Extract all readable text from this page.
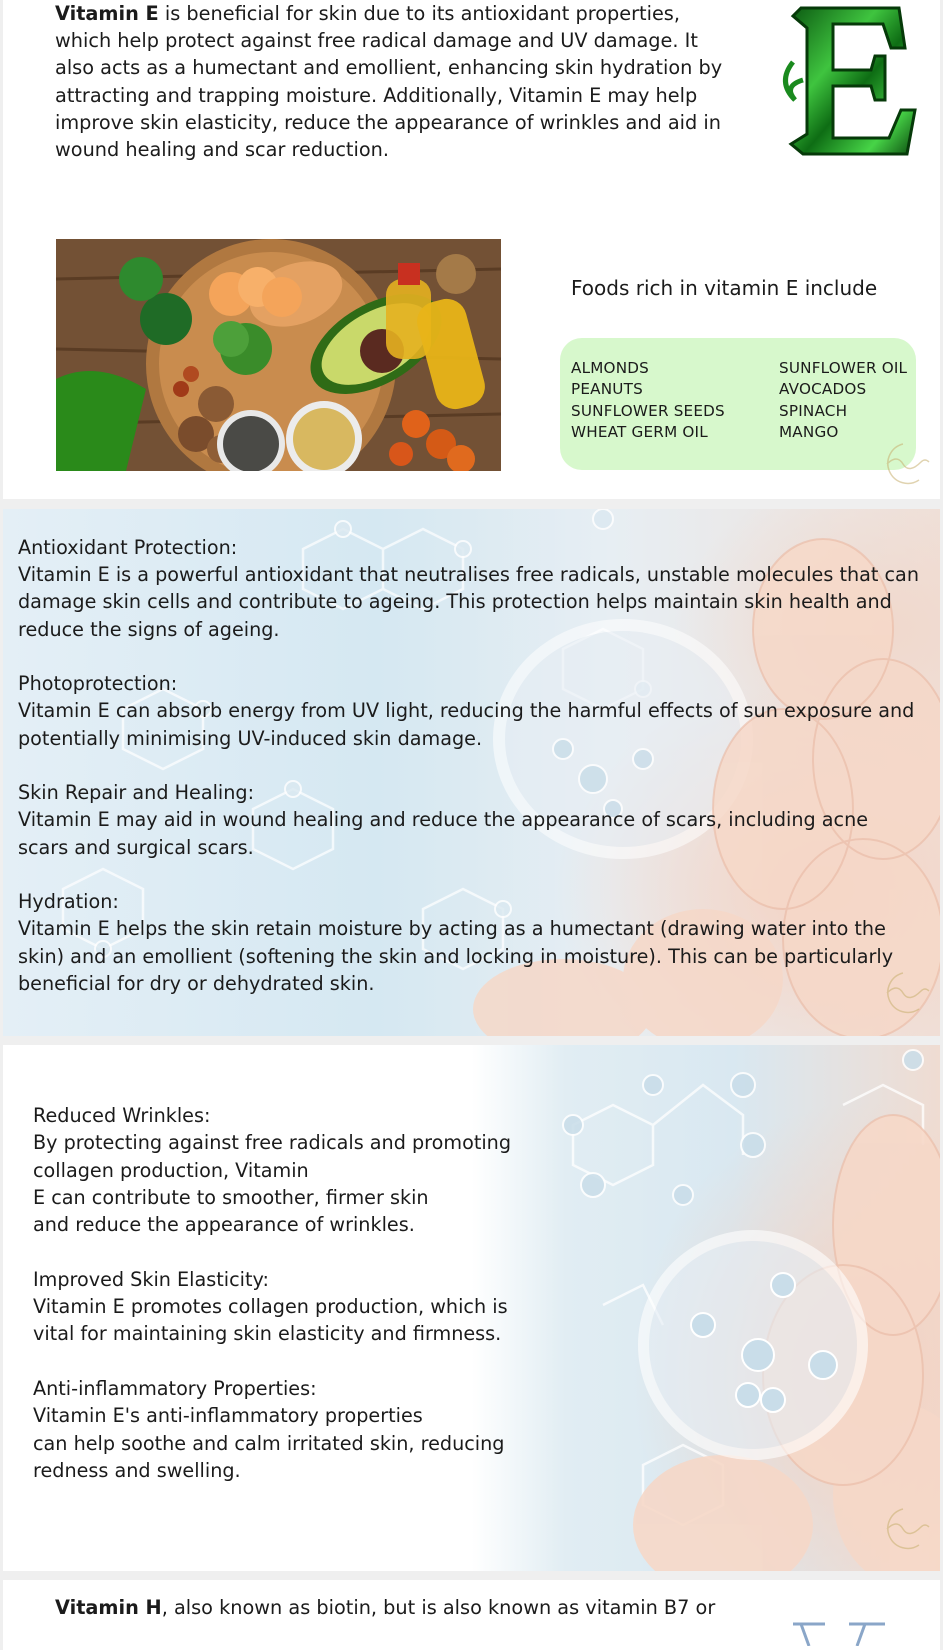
Vitamin E is beneficial for skin due to its antioxidant properties, which help protect against free radical damage and UV damage. It also acts as a humectant and emollient, enhancing skin hydration by attracting and trapping moisture. Additionally, Vitamin E may help improve skin elasticity, reduce the appearance of wrinkles and aid in wound healing and scar reduction.

Foods rich in vitamin E include

ALMONDS
PEANUTS
SUNFLOWER SEEDS
WHEAT GERM OIL
SUNFLOWER OIL
AVOCADOS
SPINACH
MANGO

Antioxidant Protection:
Vitamin E is a powerful antioxidant that neutralises free radicals, unstable molecules that can damage skin cells and contribute to ageing. This protection helps maintain skin health and reduce the signs of ageing.

Photoprotection:
Vitamin E can absorb energy from UV light, reducing the harmful effects of sun exposure and potentially minimising UV-induced skin damage.

Skin Repair and Healing:
Vitamin E may aid in wound healing and reduce the appearance of scars, including acne scars and surgical scars.

Hydration:
Vitamin E helps the skin retain moisture by acting as a humectant (drawing water into the skin) and an emollient (softening the skin and locking in moisture). This can be particularly beneficial for dry or dehydrated skin.

Reduced Wrinkles:
By protecting against free radicals and promoting
collagen production, Vitamin
E can contribute to smoother, firmer skin
and reduce the appearance of wrinkles.

Improved Skin Elasticity:
Vitamin E promotes collagen production, which is
vital for maintaining skin elasticity and firmness.

Anti-inflammatory Properties:
Vitamin E's anti-inflammatory properties
can help soothe and calm irritated skin, reducing
redness and swelling.

Vitamin H, also known as biotin, but is also known as vitamin B7 or
